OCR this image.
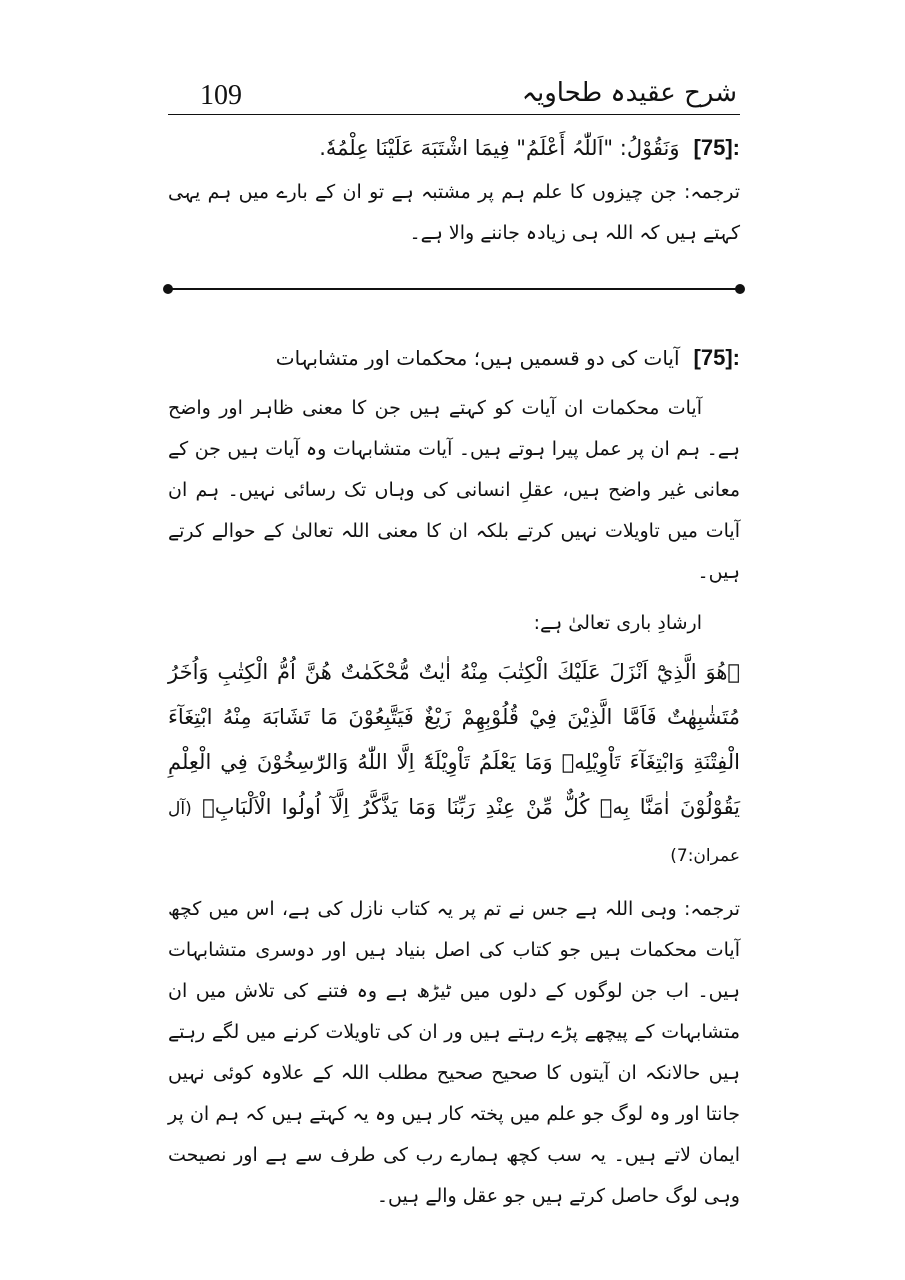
شرح عقیدہ طحاویہ
109
[75]:وَنَقُوْلُ: "اَللّٰہُ أَعْلَمُ" فِيمَا اشْتَبَهَ عَلَيْنَا عِلْمُهٗ.
ترجمہ: جن چیزوں کا علم ہم پر مشتبہ ہے تو ان کے بارے میں ہم یہی کہتے ہیں کہ اللہ ہی زیادہ جاننے والا ہے۔
[75]:آیات کی دو قسمیں ہیں؛ محکمات اور متشابہات
آیات محکمات ان آیات کو کہتے ہیں جن کا معنی ظاہر اور واضح ہے۔ ہم ان پر عمل پیرا ہوتے ہیں۔ آیات متشابہات وہ آیات ہیں جن کے معانی غیر واضح ہیں، عقلِ انسانی کی وہاں تک رسائی نہیں۔ ہم ان آیات میں تاویلات نہیں کرتے بلکہ ان کا معنی اللہ تعالیٰ کے حوالے کرتے ہیں۔
ارشادِ باری تعالیٰ ہے:
﴿هُوَ الَّذِيْٓ اَنْزَلَ عَلَيْكَ الْكِتٰبَ مِنْهُ اٰيٰتٌ مُّحْكَمٰتٌ هُنَّ اُمُّ الْكِتٰبِ وَاُخَرُ مُتَشٰبِهٰتٌ فَاَمَّا الَّذِيْنَ فِيْ قُلُوْبِهِمْ زَيْغٌ فَيَتَّبِعُوْنَ مَا تَشَابَهَ مِنْهُ ابْتِغَآءَ الْفِتْنَةِ وَابْتِغَآءَ تَاْوِيْلِهٖ وَمَا يَعْلَمُ تَاْوِيْلَهٗٓ اِلَّا اللّٰهُ وَالرّٰسِخُوْنَ فِي الْعِلْمِ يَقُوْلُوْنَ اٰمَنَّا بِهٖ كُلٌّ مِّنْ عِنْدِ رَبِّنَا وَمَا يَذَّكَّرُ اِلَّآ اُولُوا الْاَلْبَابِ﴾ (آل عمران:7)
ترجمہ: وہی اللہ ہے جس نے تم پر یہ کتاب نازل کی ہے، اس میں کچھ آیات محکمات ہیں جو کتاب کی اصل بنیاد ہیں اور دوسری متشابہات ہیں۔ اب جن لوگوں کے دلوں میں ٹیڑھ ہے وہ فتنے کی تلاش میں ان متشابہات کے پیچھے پڑے رہتے ہیں ور ان کی تاویلات کرنے میں لگے رہتے ہیں حالانکہ ان آیتوں کا صحیح صحیح مطلب اللہ کے علاوہ کوئی نہیں جانتا اور وہ لوگ جو علم میں پختہ کار ہیں وہ یہ کہتے ہیں کہ ہم ان پر ایمان لاتے ہیں۔ یہ سب کچھ ہمارے رب کی طرف سے ہے اور نصیحت وہی لوگ حاصل کرتے ہیں جو عقل والے ہیں۔
